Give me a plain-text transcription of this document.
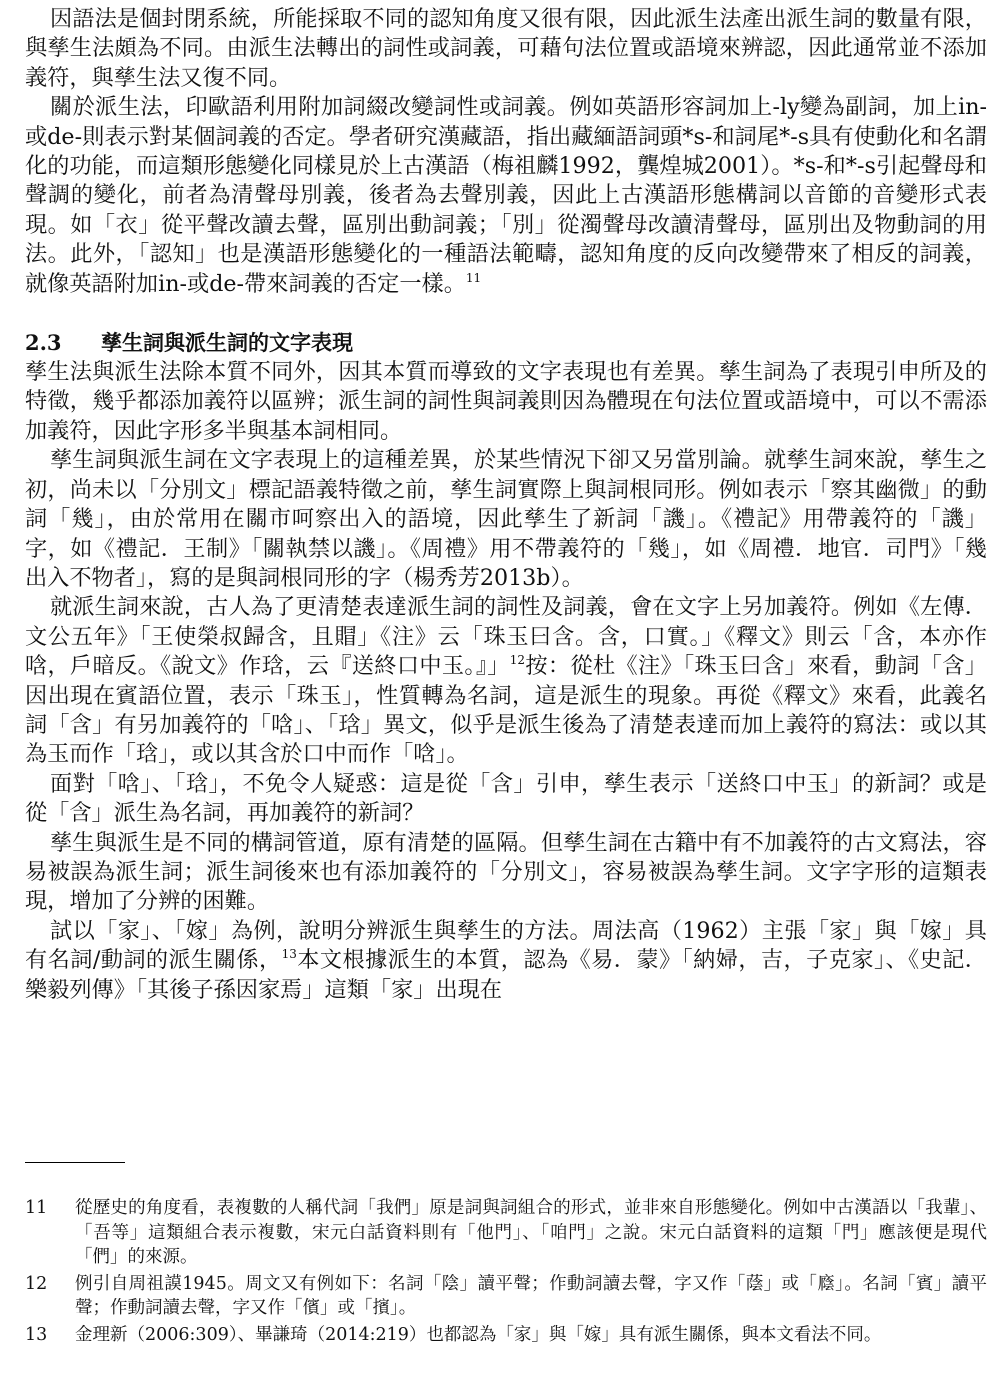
因語法是個封閉系統，所能採取不同的認知角度又很有限，因此派生法產出派生詞的數量有限，與孳生法頗為不同。由派生法轉出的詞性或詞義，可藉句法位置或語境來辨認，因此通常並不添加義符，與孳生法又復不同。

關於派生法，印歐語利用附加詞綴改變詞性或詞義。例如英語形容詞加上-ly變為副詞，加上in-或de-則表示對某個詞義的否定。學者研究漢藏語，指出藏緬語詞頭*s-和詞尾*-s具有使動化和名謂化的功能，而這類形態變化同樣見於上古漢語（梅祖麟1992，龔煌城2001）。*s-和*-s引起聲母和聲調的變化，前者為清聲母別義，後者為去聲別義，因此上古漢語形態構詞以音節的音變形式表現。如「衣」從平聲改讀去聲，區別出動詞義；「別」從濁聲母改讀清聲母，區別出及物動詞的用法。此外，「認知」也是漢語形態變化的一種語法範疇，認知角度的反向改變帶來了相反的詞義，就像英語附加in-或de-帶來詞義的否定一樣。$^{11}$

2.3 孳生詞與派生詞的文字表現

孳生法與派生法除本質不同外，因其本質而導致的文字表現也有差異。孳生詞為了表現引申所及的特徵，幾乎都添加義符以區辨；派生詞的詞性與詞義則因為體現在句法位置或語境中，可以不需添加義符，因此字形多半與基本詞相同。

孳生詞與派生詞在文字表現上的這種差異，於某些情況下卻又另當別論。就孳生詞來說，孳生之初，尚未以「分別文」標記語義特徵之前，孳生詞實際上與詞根同形。例如表示「察其幽微」的動詞「幾」，由於常用在關市呵察出入的語境，因此孳生了新詞「譏」。《禮記》用帶義符的「譏」字，如《禮記．王制》「關執禁以譏」。《周禮》用不帶義符的「幾」，如《周禮．地官．司門》「幾出入不物者」，寫的是與詞根同形的字（楊秀芳2013b）。

就派生詞來說，古人為了更清楚表達派生詞的詞性及詞義，會在文字上另加義符。例如《左傳．文公五年》「王使榮叔歸含，且賵」《注》云「珠玉曰含。含，口實。」《釋文》則云「含，本亦作唅，戶暗反。《說文》作琀，云『送終口中玉。』」$^{12}$按：從杜《注》「珠玉曰含」來看，動詞「含」因出現在賓語位置，表示「珠玉」，性質轉為名詞，這是派生的現象。再從《釋文》來看，此義名詞「含」有另加義符的「唅」、「琀」異文，似乎是派生後為了清楚表達而加上義符的寫法：或以其為玉而作「琀」，或以其含於口中而作「唅」。

面對「唅」、「琀」，不免令人疑惑：這是從「含」引申，孳生表示「送終口中玉」的新詞？或是從「含」派生為名詞，再加義符的新詞？

孳生與派生是不同的構詞管道，原有清楚的區隔。但孳生詞在古籍中有不加義符的古文寫法，容易被誤為派生詞；派生詞後來也有添加義符的「分別文」，容易被誤為孳生詞。文字字形的這類表現，增加了分辨的困難。

試以「家」、「嫁」為例，說明分辨派生與孳生的方法。周法高（1962）主張「家」與「嫁」具有名詞/動詞的派生關係，$^{13}$本文根據派生的本質，認為《易．蒙》「納婦，吉，子克家」、《史記．樂毅列傳》「其後子孫因家焉」這類「家」出現在

11	從歷史的角度看，表複數的人稱代詞「我們」原是詞與詞組合的形式，並非來自形態變化。例如中古漢語以「我輩」、「吾等」這類組合表示複數，宋元白話資料則有「他門」、「咱門」之說。宋元白話資料的這類「門」應該便是現代「們」的來源。
12	例引自周祖謨1945。周文又有例如下：名詞「陰」讀平聲；作動詞讀去聲，字又作「蔭」或「廕」。名詞「賓」讀平聲；作動詞讀去聲，字又作「儐」或「擯」。
13	金理新（2006:309）、畢謙琦（2014:219）也都認為「家」與「嫁」具有派生關係，與本文看法不同。
